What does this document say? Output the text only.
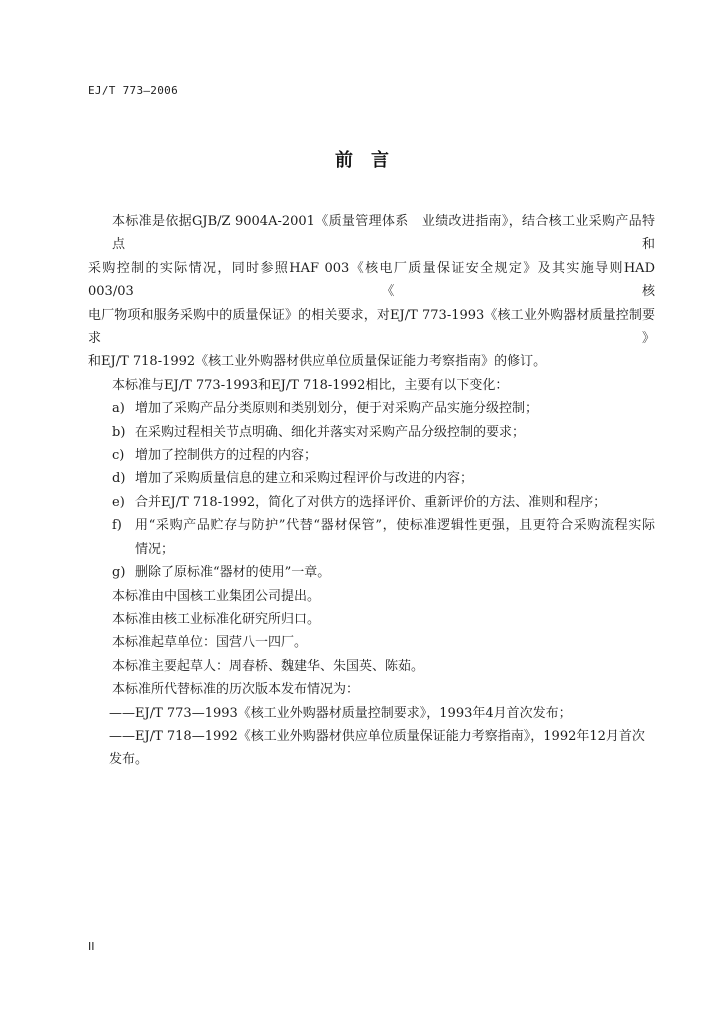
EJ/T 773—2006
前　言
本标准是依据GJB/Z 9004A-2001《质量管理体系　业绩改进指南》，结合核工业采购产品特点和
采购控制的实际情况，同时参照HAF 003《核电厂质量保证安全规定》及其实施导则HAD 003/03《核
电厂物项和服务采购中的质量保证》的相关要求，对EJ/T 773-1993《核工业外购器材质量控制要求》
和EJ/T 718-1992《核工业外购器材供应单位质量保证能力考察指南》的修订。
本标准与EJ/T 773-1993和EJ/T 718-1992相比，主要有以下变化：
a) 增加了采购产品分类原则和类别划分，便于对采购产品实施分级控制；
b) 在采购过程相关节点明确、细化并落实对采购产品分级控制的要求；
c) 增加了控制供方的过程的内容；
d) 增加了采购质量信息的建立和采购过程评价与改进的内容；
e) 合并EJ/T 718-1992，简化了对供方的选择评价、重新评价的方法、准则和程序；
f)	用“采购产品贮存与防护”代替“器材保管”，使标准逻辑性更强，且更符合采购流程实际
情况；
g) 删除了原标准“器材的使用”一章。
本标准由中国核工业集团公司提出。
本标准由核工业标准化研究所归口。
本标准起草单位：国营八一四厂。
本标准主要起草人：周春桥、魏建华、朱国英、陈茹。
本标准所代替标准的历次版本发布情况为：
——EJ/T 773—1993《核工业外购器材质量控制要求》，1993年4月首次发布；
——EJ/T 718—1992《核工业外购器材供应单位质量保证能力考察指南》，1992年12月首次发布。
II
